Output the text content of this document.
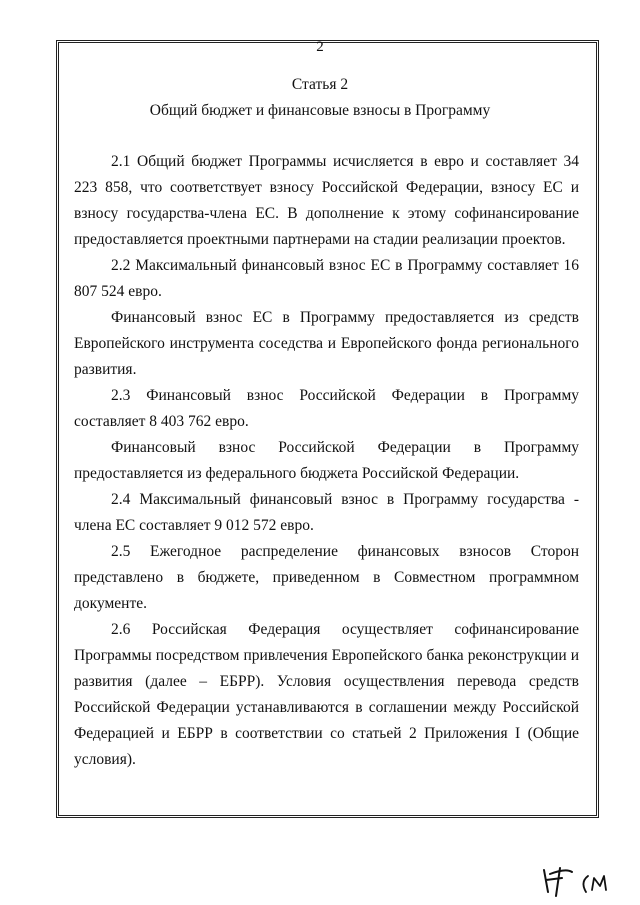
2
Статья 2
Общий бюджет и финансовые взносы в Программу

2.1 Общий бюджет Программы исчисляется в евро и составляет 34 223 858, что соответствует взносу Российской Федерации, взносу ЕС и взносу государства-члена ЕС. В дополнение к этому софинансирование предоставляется проектными партнерами на стадии реализации проектов.

2.2 Максимальный финансовый взнос ЕС в Программу составляет 16 807 524 евро.

Финансовый взнос ЕС в Программу предоставляется из средств Европейского инструмента соседства и Европейского фонда регионального развития.

2.3 Финансовый взнос Российской Федерации в Программу составляет 8 403 762 евро.

Финансовый взнос Российской Федерации в Программу предоставляется из федерального бюджета Российской Федерации.

2.4 Максимальный финансовый взнос в Программу государства - члена ЕС составляет 9 012 572 евро.

2.5 Ежегодное распределение финансовых взносов Сторон представлено в бюджете, приведенном в Совместном программном документе.

2.6 Российская Федерация осуществляет софинансирование Программы посредством привлечения Европейского банка реконструкции и развития (далее – ЕБРР). Условия осуществления перевода средств Российской Федерации устанавливаются в соглашении между Российской Федерацией и ЕБРР в соответствии со статьей 2 Приложения I (Общие условия).
